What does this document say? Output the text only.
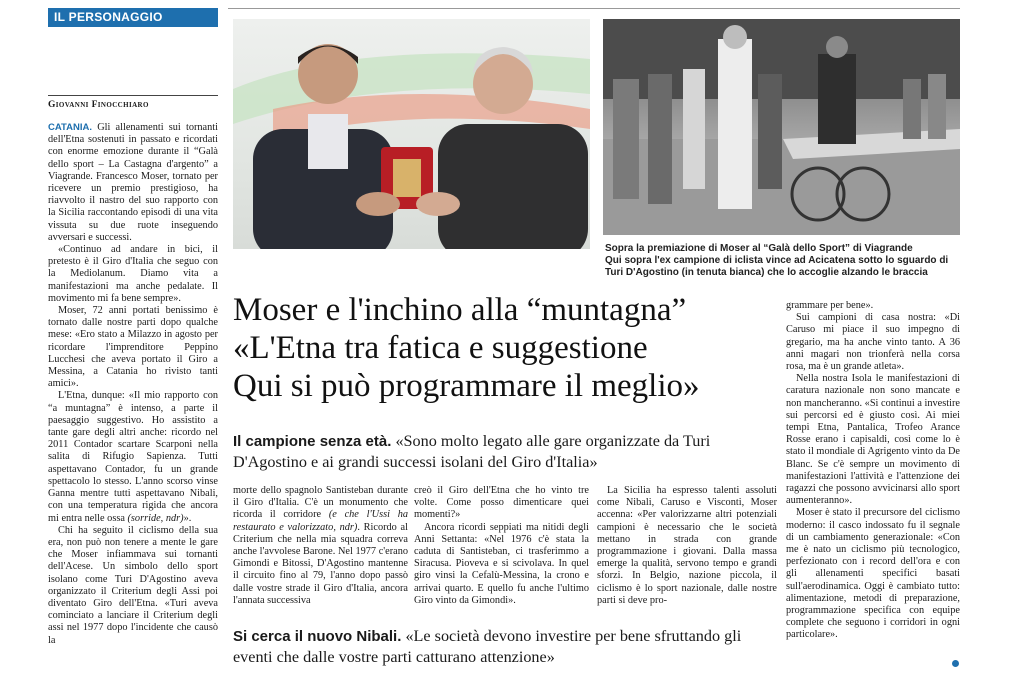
IL PERSONAGGIO
Sopra la premiazione di Moser al “Galà dello Sport” di Viagrande
Qui sopra l'ex campione di iclista vince ad Acicatena sotto lo sguardo di Turi D'Agostino (in tenuta bianca) che lo accoglie alzando le braccia
Giovanni Finocchiaro

CATANIA. Gli allenamenti sui tornanti dell'Etna sostenuti in passato e ricordati con enorme emozione durante il “Galà dello sport – La Castagna d'argento” a Viagrande. Francesco Moser, tornato per ricevere un premio prestigioso, ha riavvolto il nastro del suo rapporto con la Sicilia raccontando episodi di una vita vissuta su due ruote inseguendo avversari e successi.

«Continuo ad andare in bici, il pretesto è il Giro d'Italia che seguo con la Mediolanum. Diamo vita a manifestazioni ma anche pedalate. Il movimento mi fa bene sempre».

Moser, 72 anni portati benissimo è tornato dalle nostre parti dopo qualche mese: «Ero stato a Milazzo in agosto per ricordare l'imprenditore Peppino Lucchesi che aveva portato il Giro a Messina, a Catania ho rivisto tanti amici».

L'Etna, dunque: «Il mio rapporto con “a muntagna” è intenso, a parte il paesaggio suggestivo. Ho assistito a tante gare degli altri anche: ricordo nel 2011 Contador scartare Scarponi nella salita di Rifugio Sapienza. Tutti aspettavano Contador, fu un grande spettacolo lo stesso. L'anno scorso vinse Ganna mentre tutti aspettavano Nibali, con una temperatura rigida che ancora mi entra nelle ossa (sorride, ndr)».

Chi ha seguito il ciclismo della sua era, non può non tenere a mente le gare che Moser infiammava sui tornanti dell'Acese. Un simbolo dello sport isolano come Turi D'Agostino aveva organizzato il Criterium degli Assi poi diventato Giro dell'Etna. «Turi aveva cominciato a lanciare il Criterium degli assi nel 1977 dopo l'incidente che causò la

Moser e l'inchino alla “muntagna”
«L'Etna tra fatica e suggestione
Qui si può programmare il meglio»
Il campione senza età. «Sono molto legato alle gare organizzate da Turi D'Agostino e ai grandi successi isolani del Giro d'Italia»

morte dello spagnolo Santisteban durante il Giro d'Italia. C'è un monumento che ricorda il corridore (e che l'Ussi ha restaurato e valorizzato, ndr). Ricordo al Criterium che nella mia squadra correva anche l'avvolese Barone. Nel 1977 c'erano Gimondi e Bitossi, D'Agostino mantenne il circuito fino al 79, l'anno dopo passò dalle vostre strade il Giro d'Italia, ancora l'annata successiva

creò il Giro dell'Etna che ho vinto tre volte. Come posso dimenticare quei momenti?»

Ancora ricordi seppiati ma nitidi degli Anni Settanta: «Nel 1976 c'è stata la caduta di Santisteban, ci trasferimmo a Siracusa. Pioveva e si scivolava. In quel giro vinsi la Cefalù-Messina, la crono e arrivai quarto. E quello fu anche l'ultimo Giro vinto da Gimondi».

La Sicilia ha espresso talenti assoluti come Nibali, Caruso e Visconti, Moser accenna: «Per valorizzarne altri potenziali campioni è necessario che le società mettano in strada con grande programmazione i giovani. Dalla massa emerge la qualità, servono tempo e grandi sforzi. In Belgio, nazione piccola, il ciclismo è lo sport nazionale, dalle nostre parti si deve pro-

grammare per bene».

Sui campioni di casa nostra: «Di Caruso mi piace il suo impegno di gregario, ma ha anche vinto tanto. A 36 anni magari non trionferà nella corsa rosa, ma è un grande atleta».

Nella nostra Isola le manifestazioni di caratura nazionale non sono mancate e non mancheranno. «Si continui a investire sui percorsi ed è giusto così. Ai miei tempi Etna, Pantalica, Trofeo Arance Rosse erano i capisaldi, così come lo è stato il mondiale di Agrigento vinto da De Blanc. Se c'è sempre un movimento di manifestazioni l'attività e l'attenzione dei ragazzi che possono avvicinarsi allo sport aumenteranno».

Moser è stato il precursore del ciclismo moderno: il casco indossato fu il segnale di un cambiamento generazionale: «Con me è nato un ciclismo più tecnologico, perfezionato con i record dell'ora e con gli allenamenti specifici basati sull'aerodinamica. Oggi è cambiato tutto: alimentazione, metodi di preparazione, programmazione specifica con equipe complete che seguono i corridori in ogni particolare».

Si cerca il nuovo Nibali. «Le società devono investire per bene sfruttando gli eventi che dalle vostre parti catturano attenzione»
